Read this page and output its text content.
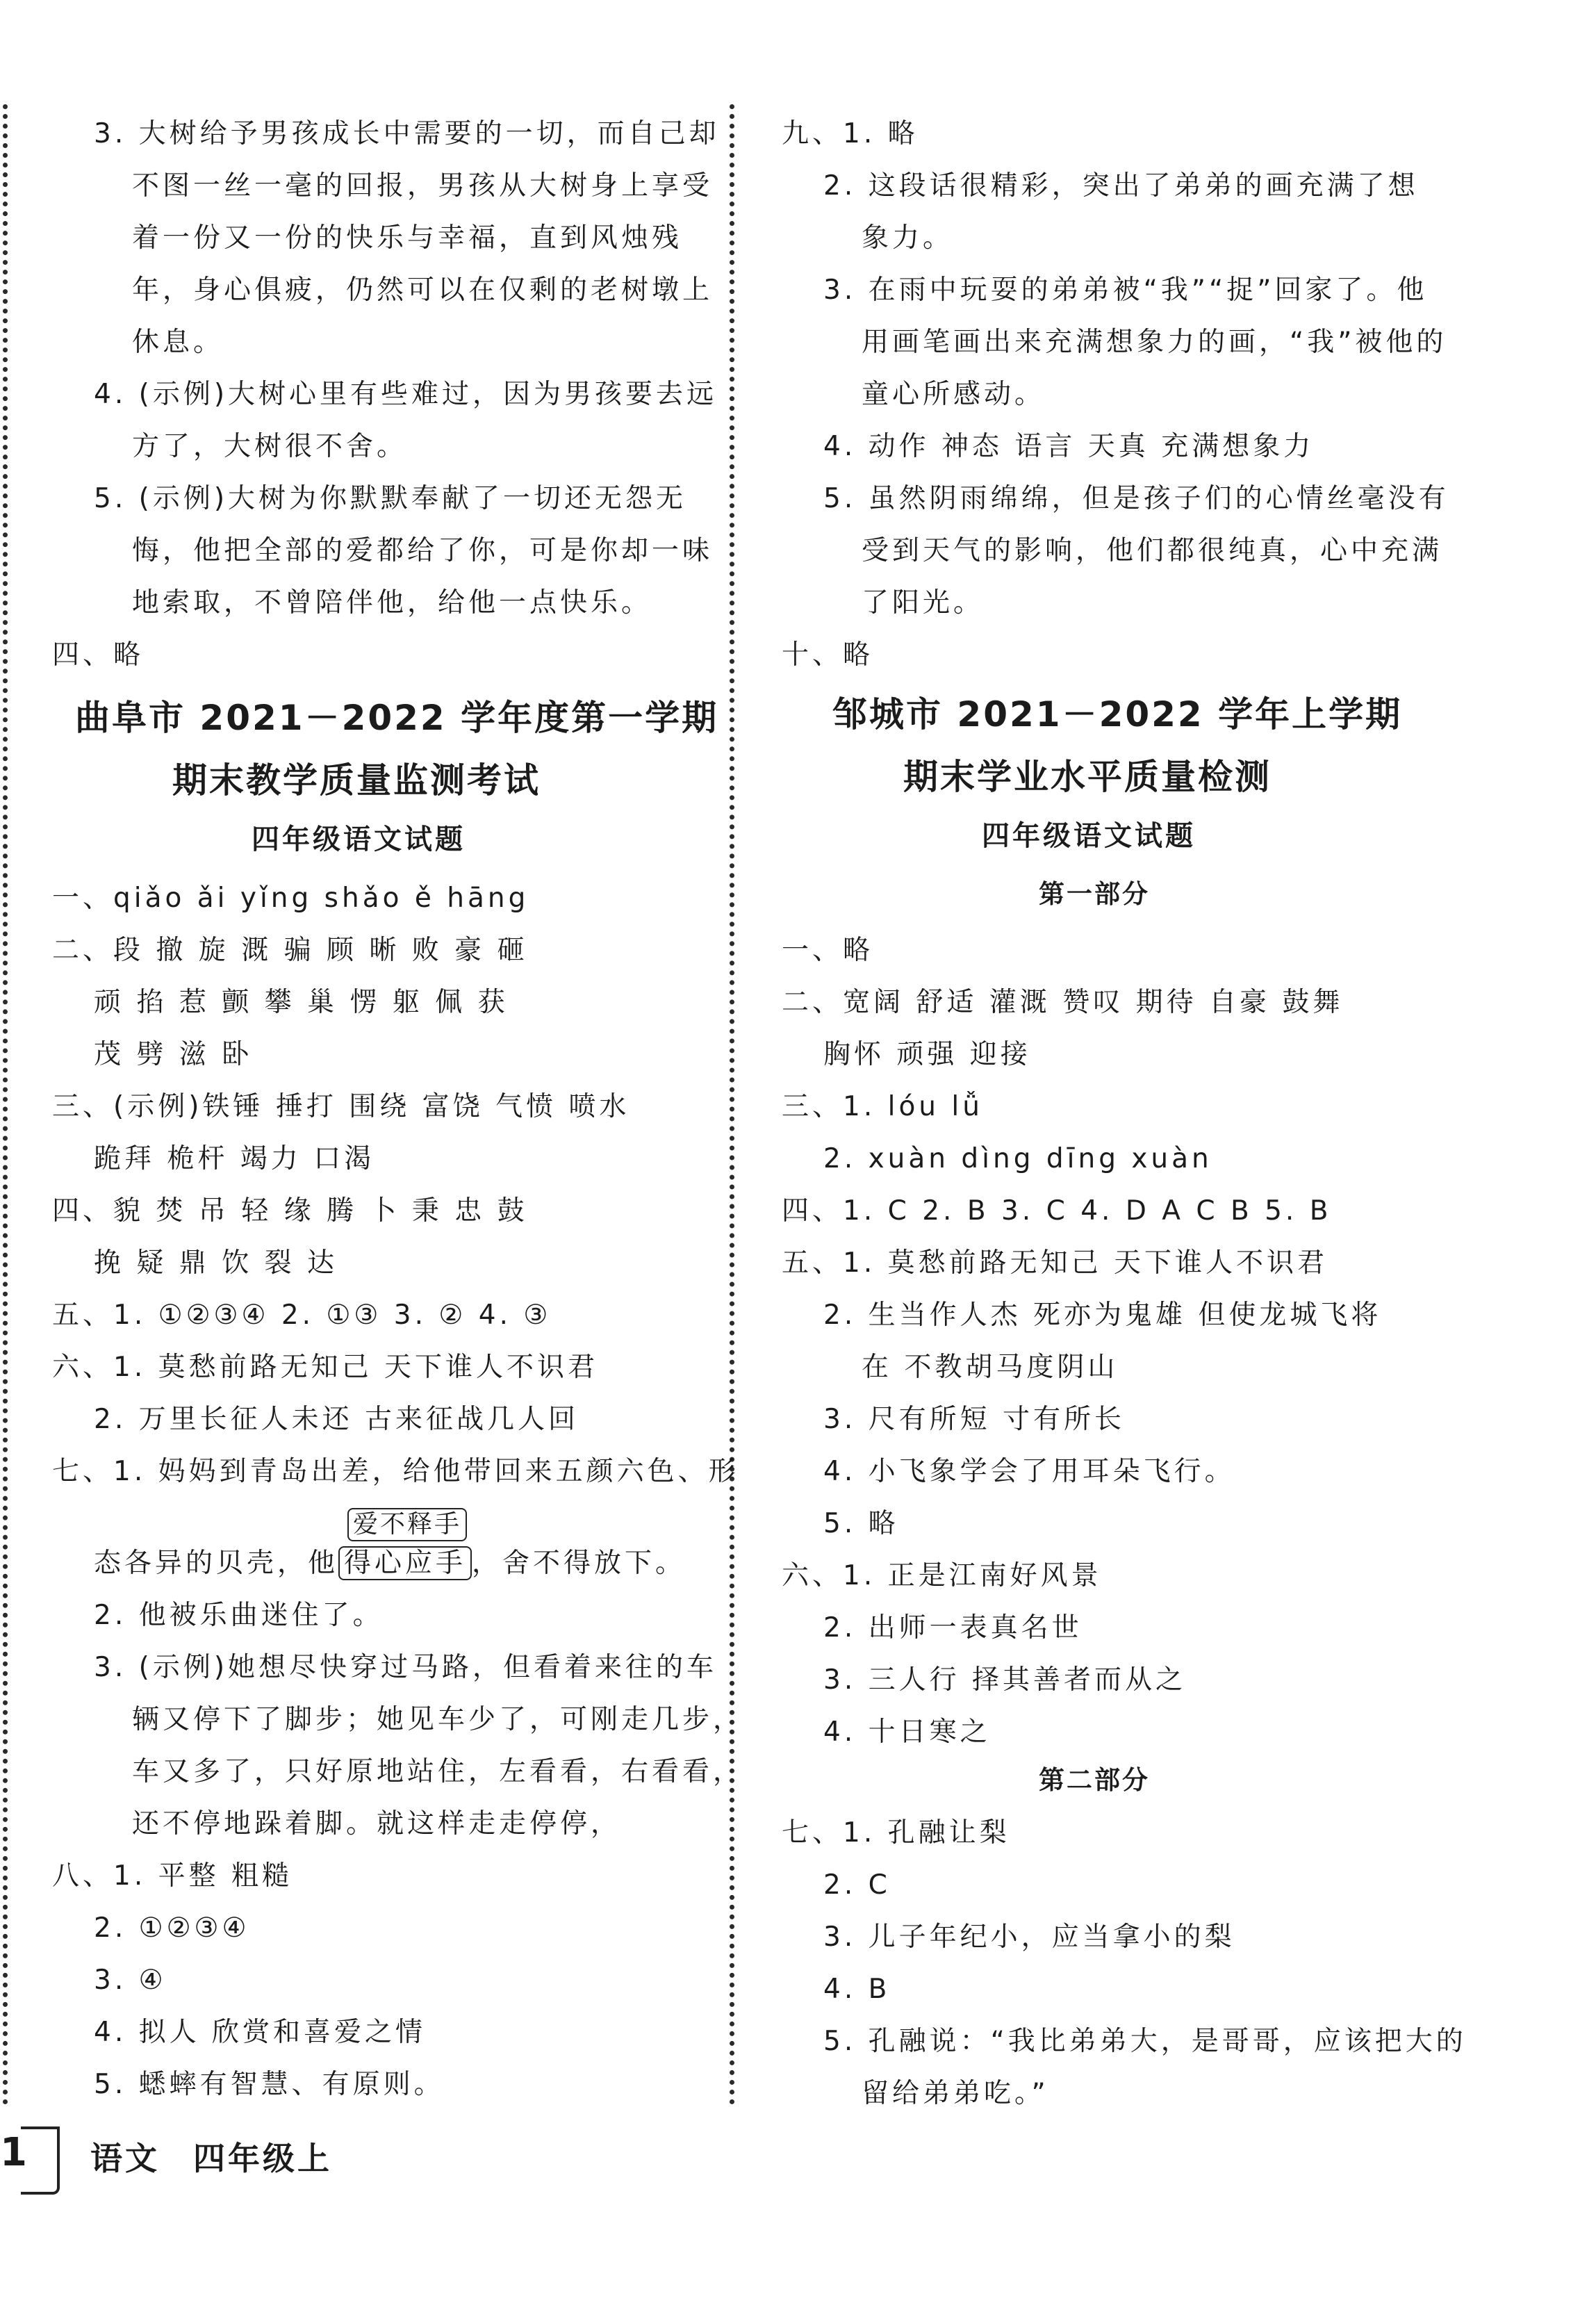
3. 大树给予男孩成长中需要的一切，而自己却
不图一丝一毫的回报，男孩从大树身上享受
着一份又一份的快乐与幸福，直到风烛残
年，身心俱疲，仍然可以在仅剩的老树墩上
休息。
4. (示例)大树心里有些难过，因为男孩要去远
方了，大树很不舍。
5. (示例)大树为你默默奉献了一切还无怨无
悔，他把全部的爱都给了你，可是你却一味
地索取，不曾陪伴他，给他一点快乐。
四、略
曲阜市 2021－2022 学年度第一学期
期末教学质量监测考试
四年级语文试题
一、qiǎo ǎi yǐng shǎo ě hāng
二、段 撤 旋 溉 骗 顾 晰 败 豪 砸
顽 掐 惹 颤 攀 巢 愣 躯 佩 获
茂 劈 滋 卧
三、(示例)铁锤 捶打 围绕 富饶 气愤 喷水
跪拜 桅杆 竭力 口渴
四、貌 焚 吊 轻 缘 腾 卜 秉 忠 鼓
挽 疑 鼎 饮 裂 达
五、1. ①②③④ 2. ①③ 3. ② 4. ③
六、1. 莫愁前路无知己 天下谁人不识君
2. 万里长征人未还 古来征战几人回
七、1. 妈妈到青岛出差，给他带回来五颜六色、形
爱不释手
态各异的贝壳，他 得心应手 ，舍不得放下。
2. 他被乐曲迷住了。
3. (示例)她想尽快穿过马路，但看着来往的车
辆又停下了脚步；她见车少了，可刚走几步，
车又多了，只好原地站住，左看看，右看看，
还不停地跺着脚。就这样走走停停，
八、1. 平整 粗糙
2. ①②③④
3. ④
4. 拟人 欣赏和喜爱之情
5. 蟋蟀有智慧、有原则。
九、1. 略
2. 这段话很精彩，突出了弟弟的画充满了想
象力。
3. 在雨中玩耍的弟弟被“我”“捉”回家了。他
用画笔画出来充满想象力的画，“我”被他的
童心所感动。
4. 动作 神态 语言 天真 充满想象力
5. 虽然阴雨绵绵，但是孩子们的心情丝毫没有
受到天气的影响，他们都很纯真，心中充满
了阳光。
十、略
邹城市 2021－2022 学年上学期
期末学业水平质量检测
四年级语文试题
第一部分
一、略
二、宽阔 舒适 灌溉 赞叹 期待 自豪 鼓舞
胸怀 顽强 迎接
三、1. lóu lǚ
2. xuàn dìng dīng xuàn
四、1. C 2. B 3. C 4. D A C B 5. B
五、1. 莫愁前路无知己 天下谁人不识君
2. 生当作人杰 死亦为鬼雄 但使龙城飞将
在 不教胡马度阴山
3. 尺有所短 寸有所长
4. 小飞象学会了用耳朵飞行。
5. 略
六、1. 正是江南好风景
2. 出师一表真名世
3. 三人行 择其善者而从之
4. 十日寒之
第二部分
七、1. 孔融让梨
2. C
3. 儿子年纪小，应当拿小的梨
4. B
5. 孔融说：“我比弟弟大，是哥哥，应该把大的
留给弟弟吃。”
1 语文 四年级上
